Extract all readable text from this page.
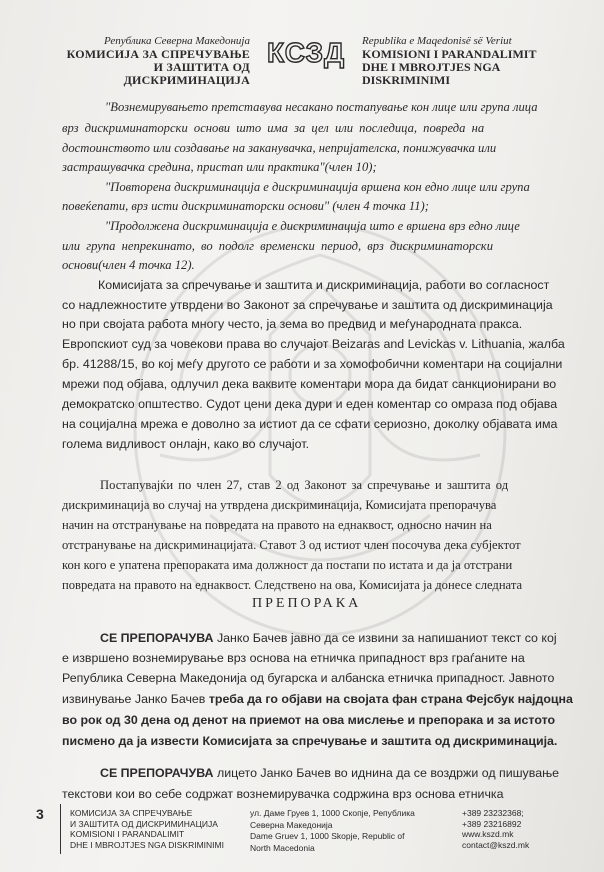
Република Северна Македонија
КОМИСИЈА ЗА СПРЕЧУВАЊЕ
И ЗАШТИТА ОД ДИСКРИМИНАЦИЈА
КСЗД Republika e Maqedonisë së Veriut
KOMISIONI I PARANDALIMIT
DHE I MBROJTJES NGA DISKRIMINIMI
"Вознемирувањето претставува несакано постапување кон лице или група лица
врз дискриминаторски основи што има за цел или последица, повреда на
достоинството или создавање на заканувачка, непријателска, понижувачка или
застрашувачка средина, пристап или практика"(член 10);
"Повторена дискриминација е дискриминација вршена кон едно лице или група
повеќепати, врз исти дискриминаторски основи" (член 4 точка 11);
"Продолжена дискриминација е дискриминација што е вршена врз едно лице
или група непрекинато, во подолг временски период, врз дискриминаторски
основи(член 4 точка 12).
Комисијата за спречување и заштита и дискриминација, работи во согласност
со надлежностите утврдени во Законот за спречување и заштита од дискриминација
но при своjата работа многу често, ја зема во предвид и меѓународната пракса.
Европскиот суд за човекови права во случајот Beizaras and Levickas v. Lithuania, жалба
бр. 41288/15, во кој меѓу другото се работи и за хомофобични коментари на социјални
мрежи под објава, одлучил дека ваквите коментари мора да бидат санкционирани во
демократско општество. Судот цени дека дури и еден коментар со омраза под објава
на социјална мрежа е доволно за истиот да се сфати сериозно, доколку објавата има
голема видливост онлајн, како во случајот.
Постапувајќи по член 27, став 2 од Законот за спречување и заштита од
дискриминација во случај на утврдена дискриминација, Комисијата препорачува
начин на отстранување на повредата на правото на еднаквост, односно начин на
отстранување на дискриминацијата. Ставот 3 од истиот член посочува дека субјектот
кон кого е упатена препораката има должност да постапи по истата и да ја отстрани
повредата на правото на еднаквост. Следствено на ова, Комисијата ја донесе следната
ПРЕПОРАКА
СЕ ПРЕПОРАЧУВА Јанко Бачев јавно да се извини за напишаниот текст со кој
е извршено вознемирување врз основа на етничка припадност врз граѓаните на
Република Северна Македонија од бугарска и албанска етничка припадност. Јавното
извинување Јанко Бачев треба да го објави на својата фан страна Фејсбук најдоцна
во рок од 30 дена од денот на приемот на ова мислење и препорака и за истото
писмено да ја извести Комисијата за спречување и заштита од дискриминација.
СЕ ПРЕПОРАЧУВА лицето Јанко Бачев во иднина да се воздржи од пишување
текстови кои во себе содржат вознемирувачка содржина врз основа етничка
3	КОМИСИЈА ЗА СПРЕЧУВАЊЕ
И ЗАШТИТА ОД ДИСКРИМИНАЦИЈА
KOMISIONI I PARANDALIMIT
DHE I MBROJTJES NGA DISKRIMINIMI
ул. Даме Груев 1, 1000 Скопје, Република
Северна Македонија
Dame Gruev 1, 1000 Skopje, Republic of
North Macedonia
+389 23232368;
+389 23216892
www.kszd.mk
contact@kszd.mk
